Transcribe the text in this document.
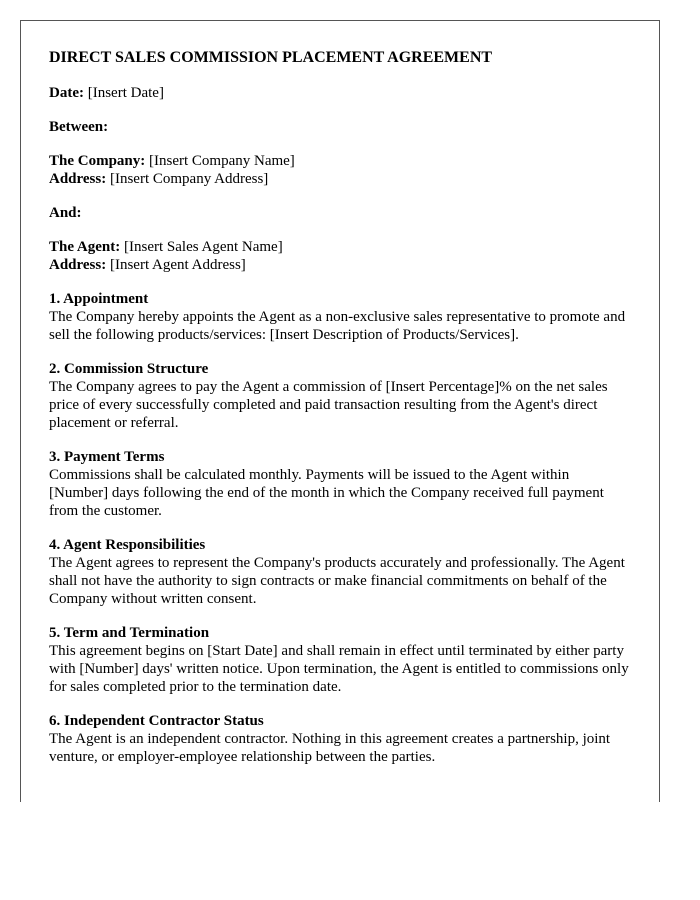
DIRECT SALES COMMISSION PLACEMENT AGREEMENT
Date: [Insert Date]
Between:
The Company: [Insert Company Name]
Address: [Insert Company Address]
And:
The Agent: [Insert Sales Agent Name]
Address: [Insert Agent Address]
1. Appointment
The Company hereby appoints the Agent as a non-exclusive sales representative to promote and sell the following products/services: [Insert Description of Products/Services].
2. Commission Structure
The Company agrees to pay the Agent a commission of [Insert Percentage]% on the net sales price of every successfully completed and paid transaction resulting from the Agent's direct placement or referral.
3. Payment Terms
Commissions shall be calculated monthly. Payments will be issued to the Agent within [Number] days following the end of the month in which the Company received full payment from the customer.
4. Agent Responsibilities
The Agent agrees to represent the Company's products accurately and professionally. The Agent shall not have the authority to sign contracts or make financial commitments on behalf of the Company without written consent.
5. Term and Termination
This agreement begins on [Start Date] and shall remain in effect until terminated by either party with [Number] days' written notice. Upon termination, the Agent is entitled to commissions only for sales completed prior to the termination date.
6. Independent Contractor Status
The Agent is an independent contractor. Nothing in this agreement creates a partnership, joint venture, or employer-employee relationship between the parties.
